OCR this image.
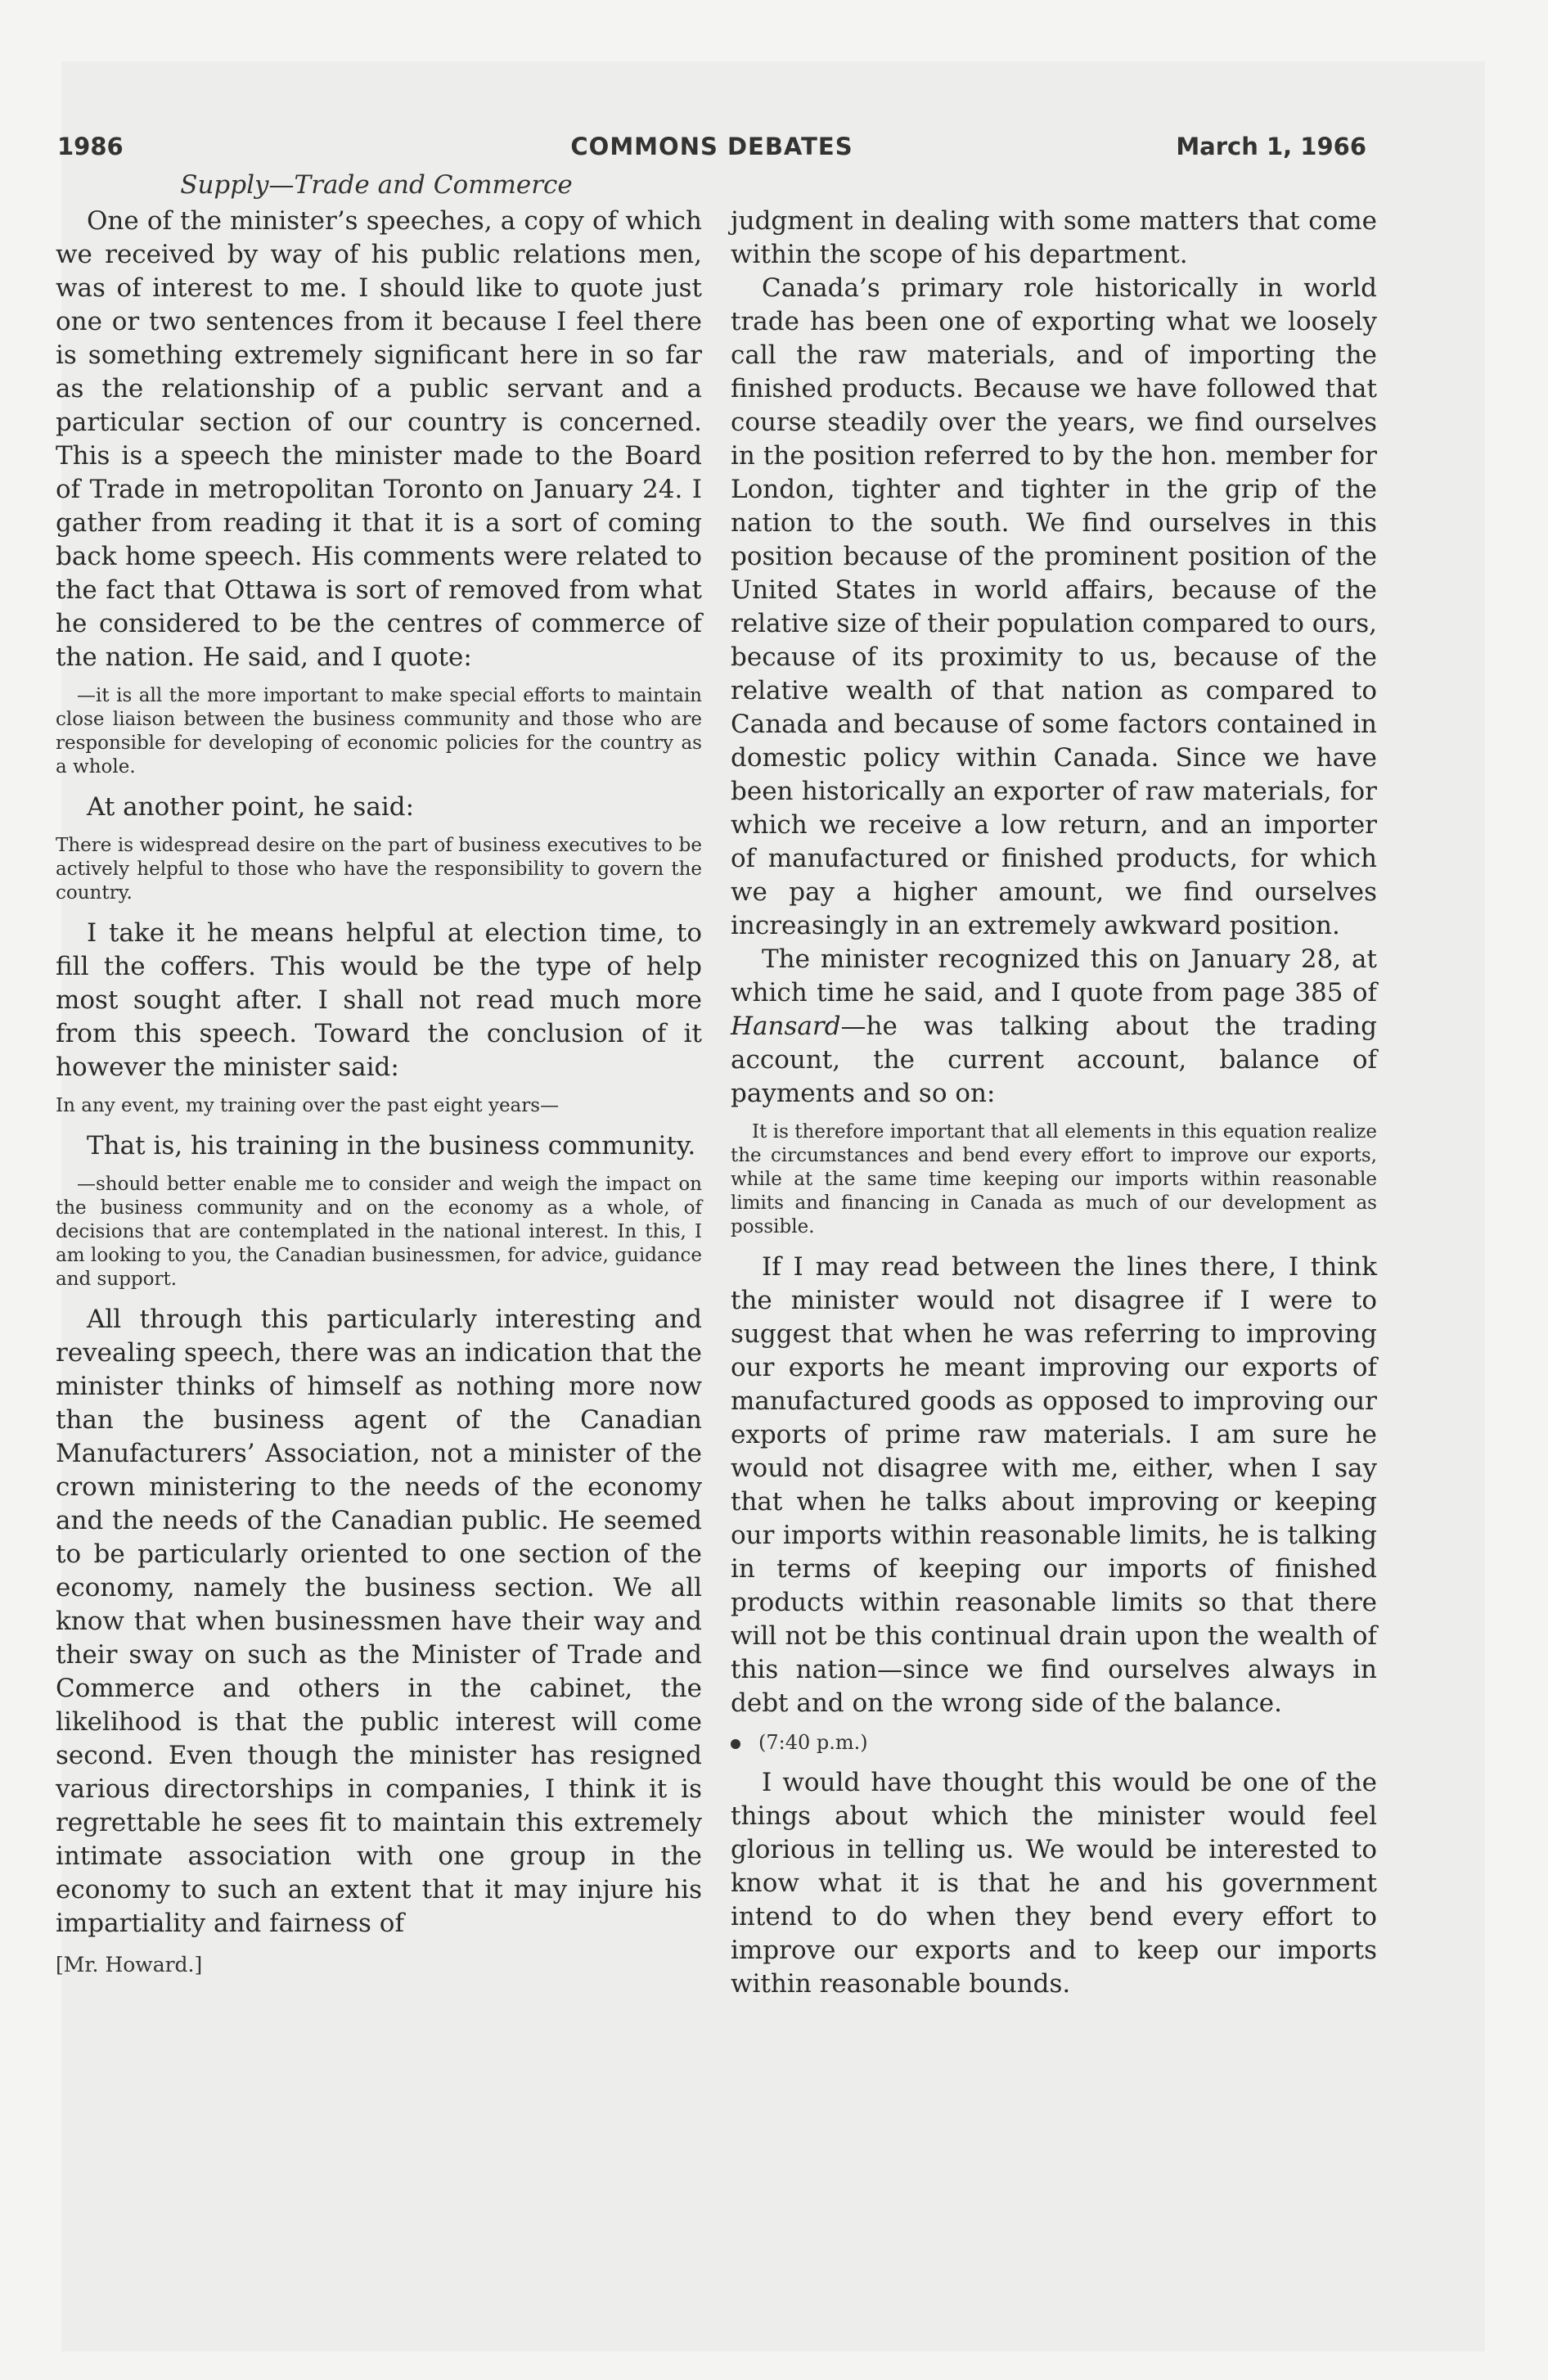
1986	COMMONS DEBATES	March 1, 1966
Supply—Trade and Commerce

One of the minister’s speeches, a copy of which we received by way of his public relations men, was of interest to me. I should like to quote just one or two sentences from it because I feel there is something extremely significant here in so far as the relationship of a public servant and a particular section of our country is concerned. This is a speech the minister made to the Board of Trade in metropolitan Toronto on January 24. I gather from reading it that it is a sort of coming back home speech. His comments were related to the fact that Ottawa is sort of removed from what he considered to be the centres of commerce of the nation. He said, and I quote:

—it is all the more important to make special efforts to maintain close liaison between the business community and those who are responsible for developing of economic policies for the country as a whole.

At another point, he said:

There is widespread desire on the part of business executives to be actively helpful to those who have the responsibility to govern the country.

I take it he means helpful at election time, to fill the coffers. This would be the type of help most sought after. I shall not read much more from this speech. Toward the conclusion of it however the minister said:

In any event, my training over the past eight years—

That is, his training in the business community.

—should better enable me to consider and weigh the impact on the business community and on the economy as a whole, of decisions that are contemplated in the national interest. In this, I am looking to you, the Canadian businessmen, for advice, guidance and support.

All through this particularly interesting and revealing speech, there was an indication that the minister thinks of himself as nothing more now than the business agent of the Canadian Manufacturers’ Association, not a minister of the crown ministering to the needs of the economy and the needs of the Canadian public. He seemed to be particularly oriented to one section of the economy, namely the business section. We all know that when businessmen have their way and their sway on such as the Minister of Trade and Commerce and others in the cabinet, the likelihood is that the public interest will come second. Even though the minister has resigned various directorships in companies, I think it is regrettable he sees fit to maintain this extremely intimate association with one group in the economy to such an extent that it may injure his impartiality and fairness of

[Mr. Howard.]

judgment in dealing with some matters that come within the scope of his department.

Canada’s primary role historically in world trade has been one of exporting what we loosely call the raw materials, and of importing the finished products. Because we have followed that course steadily over the years, we find ourselves in the position referred to by the hon. member for London, tighter and tighter in the grip of the nation to the south. We find ourselves in this position because of the prominent position of the United States in world affairs, because of the relative size of their population compared to ours, because of its proximity to us, because of the relative wealth of that nation as compared to Canada and because of some factors contained in domestic policy within Canada. Since we have been historically an exporter of raw materials, for which we receive a low return, and an importer of manufactured or finished products, for which we pay a higher amount, we find ourselves increasingly in an extremely awkward position.

The minister recognized this on January 28, at which time he said, and I quote from page 385 of Hansard—he was talking about the trading account, the current account, balance of payments and so on:

It is therefore important that all elements in this equation realize the circumstances and bend every effort to improve our exports, while at the same time keeping our imports within reasonable limits and financing in Canada as much of our development as possible.

If I may read between the lines there, I think the minister would not disagree if I were to suggest that when he was referring to improving our exports he meant improving our exports of manufactured goods as opposed to improving our exports of prime raw materials. I am sure he would not disagree with me, either, when I say that when he talks about improving or keeping our imports within reasonable limits, he is talking in terms of keeping our imports of finished products within reasonable limits so that there will not be this continual drain upon the wealth of this nation—since we find ourselves always in debt and on the wrong side of the balance.

(7:40 p.m.)

I would have thought this would be one of the things about which the minister would feel glorious in telling us. We would be interested to know what it is that he and his government intend to do when they bend every effort to improve our exports and to keep our imports within reasonable bounds.
